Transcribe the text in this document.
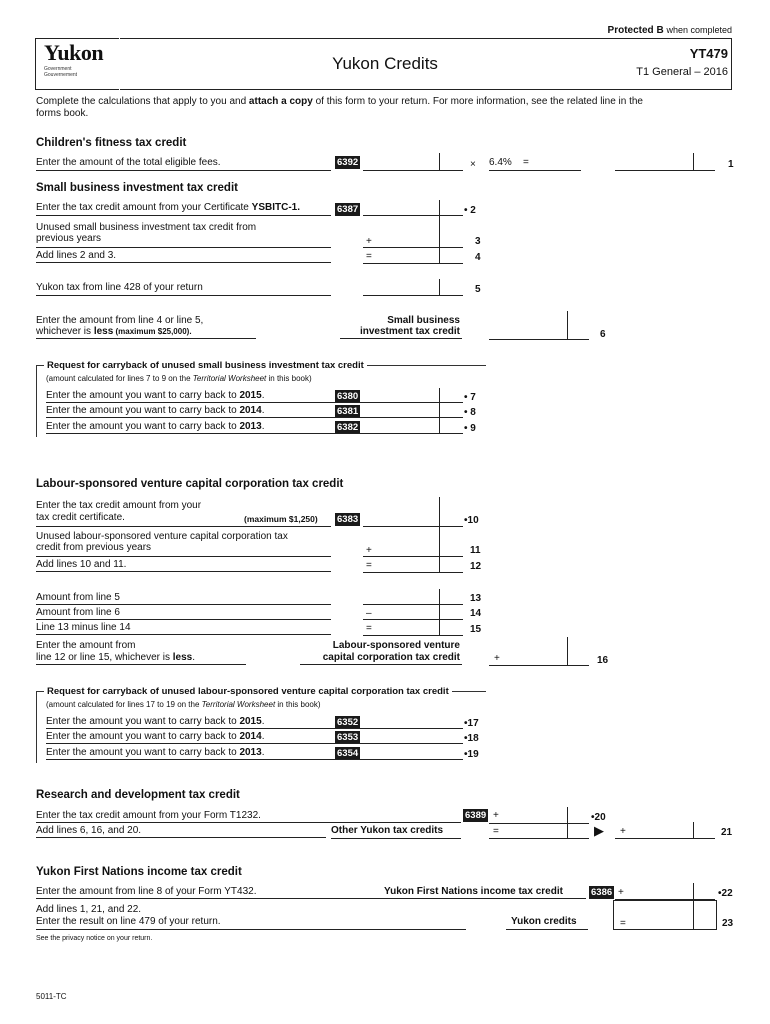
Protected B when completed
Yukon
Government
Gouvernement
Yukon Credits
YT479
T1 General – 2016
Complete the calculations that apply to you and attach a copy of this form to your return. For more information, see the related line in the
forms book.
Children's fitness tax credit
Enter the amount of the total eligible fees.	6392	× 6.4% =	1
Small business investment tax credit
Enter the tax credit amount from your Certificate YSBITC-1.	6387	• 2
Unused small business investment tax credit from
previous years	+	3
Add lines 2 and 3.	=	4
Yukon tax from line 428 of your return	5
Enter the amount from line 4 or line 5,
whichever is less (maximum $25,000).
Small business
investment tax credit	6
Request for carryback of unused small business investment tax credit
(amount calculated for lines 7 to 9 on the Territorial Worksheet in this book)
Enter the amount you want to carry back to 2015.	6380	• 7
Enter the amount you want to carry back to 2014.	6381	• 8
Enter the amount you want to carry back to 2013.	6382	• 9
Labour-sponsored venture capital corporation tax credit
Enter the tax credit amount from your
tax credit certificate.	(maximum $1,250) 6383	•10
Unused labour-sponsored venture capital corporation tax
credit from previous years	+	11
Add lines 10 and 11.	=	12
Amount from line 5	13
Amount from line 6	–	14
Line 13 minus line 14	=	15
Enter the amount from
line 12 or line 15, whichever is less.
Labour-sponsored venture
capital corporation tax credit	+	16
Request for carryback of unused labour-sponsored venture capital corporation tax credit
(amount calculated for lines 17 to 19 on the Territorial Worksheet in this book)
Enter the amount you want to carry back to 2015.	6352	•17
Enter the amount you want to carry back to 2014.	6353	•18
Enter the amount you want to carry back to 2013.	6354	•19
Research and development tax credit
Enter the tax credit amount from your Form T1232.	6389 +	•20
Add lines 6, 16, and 20.	Other Yukon tax credits	=	▶ +	21
Yukon First Nations income tax credit
Enter the amount from line 8 of your Form YT432.	Yukon First Nations income tax credit	6386 +	•22
Add lines 1, 21, and 22.
Enter the result on line 479 of your return.	Yukon credits	=	23
See the privacy notice on your return.
5011-TC
